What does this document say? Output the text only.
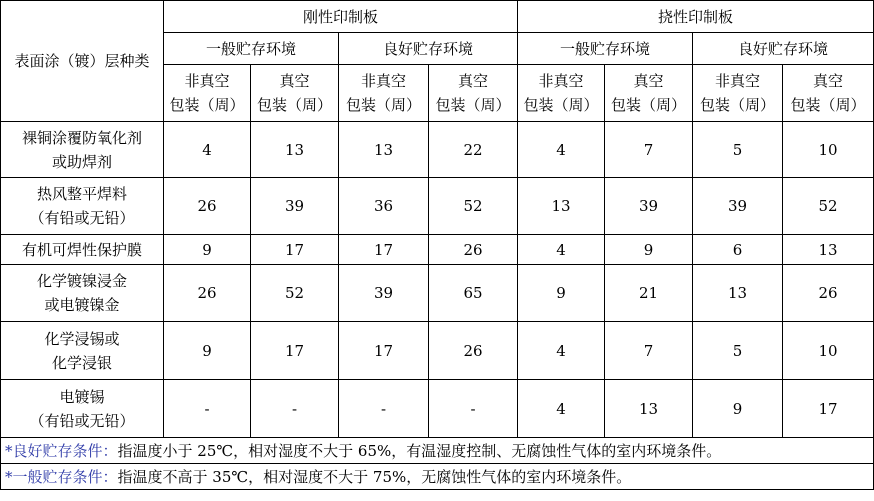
表面涂（镀）层种类	刚性印制板				挠性印制板			
	一般贮存环境		良好贮存环境		一般贮存环境		良好贮存环境	

	非真空
包装（周）	真空
包装（周）	非真空
包装（周）	真空
包装（周）	非真空
包装（周）	真空
包装（周）	非真空
包装（周）	真空
包装（周）

裸铜涂覆防氧化剂
或助焊剂	4	13	13	22	4	7	5	10

热风整平焊料
（有铅或无铅）	26	39	36	52	13	39	39	52

有机可焊性保护膜	9	17	17	26	4	9	6	13

化学镀镍浸金
或电镀镍金	26	52	39	65	9	21	13	26

化学浸锡或
化学浸银	9	17	17	26	4	7	5	10

电镀锡
（有铅或无铅）	-	-	-	-	4	13	9	17
*良好贮存条件：指温度小于 25℃，相对湿度不大于 65%，有温湿度控制、无腐蚀性气体的室内环境条件。								
*一般贮存条件：指温度不高于 35℃，相对湿度不大于 75%，无腐蚀性气体的室内环境条件。								
